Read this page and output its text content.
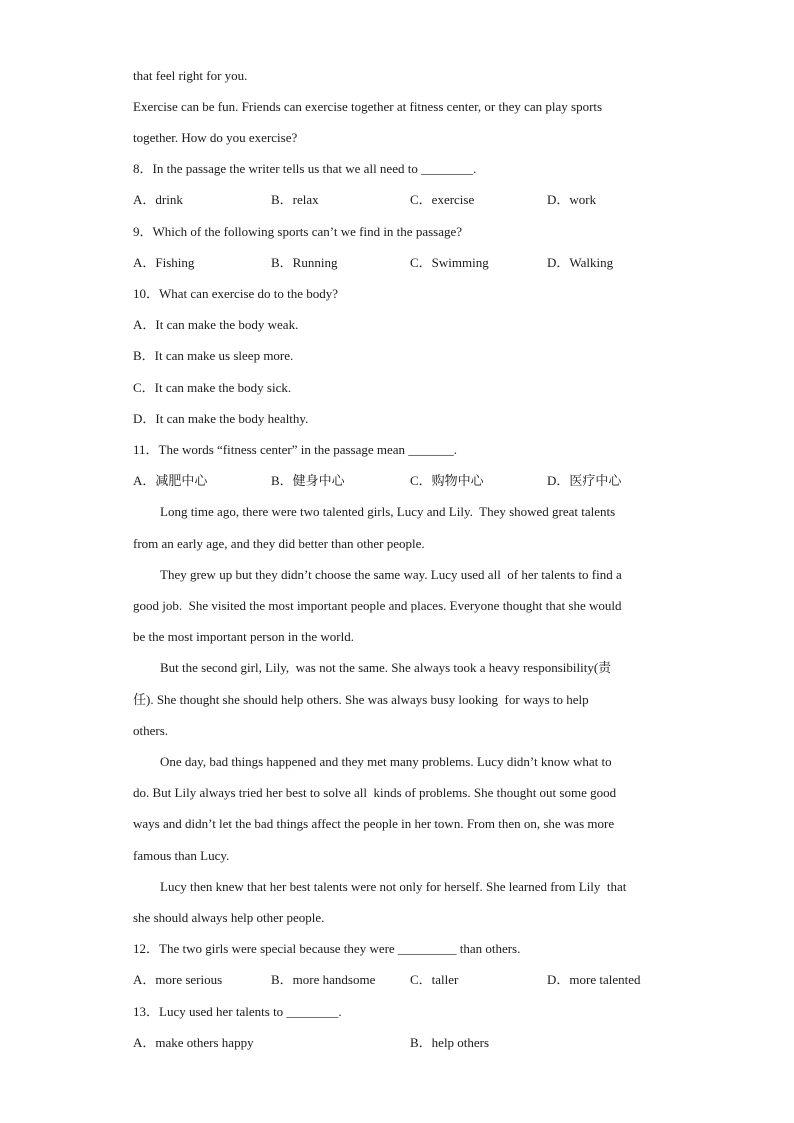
that feel right for you.
Exercise can be fun. Friends can exercise together at fitness center, or they can play sports
together. How do you exercise?
8．In the passage the writer tells us that we all need to ________.
A．drink	B．relax	C．exercise	D．work
9．Which of the following sports can’t we find in the passage?
A．Fishing	B．Running	C．Swimming	D．Walking
10．What can exercise do to the body?
A．It can make the body weak.
B．It can make us sleep more.
C．It can make the body sick.
D．It can make the body healthy.
11．The words “fitness center” in the passage mean _______.
A．减肥中心	B．健身中心	C．购物中心	D．医疗中心
Long time ago, there were two talented girls, Lucy and Lily.  They showed great talents
from an early age, and they did better than other people.
They grew up but they didn’t choose the same way. Lucy used all  of her talents to find a
good job.  She visited the most important people and places. Everyone thought that she would
be the most important person in the world.
But the second girl, Lily,  was not the same. She always took a heavy responsibility(责
任). She thought she should help others. She was always busy looking  for ways to help
others.
One day, bad things happened and they met many problems. Lucy didn’t know what to
do. But Lily always tried her best to solve all  kinds of problems. She thought out some good
ways and didn’t let the bad things affect the people in her town. From then on, she was more
famous than Lucy.
Lucy then knew that her best talents were not only for herself. She learned from Lily  that
she should always help other people.
12．The two girls were special because they were _________ than others.
A．more serious	B．more handsome	C．taller	D．more talented
13．Lucy used her talents to ________.
A．make others happy	B．help others
